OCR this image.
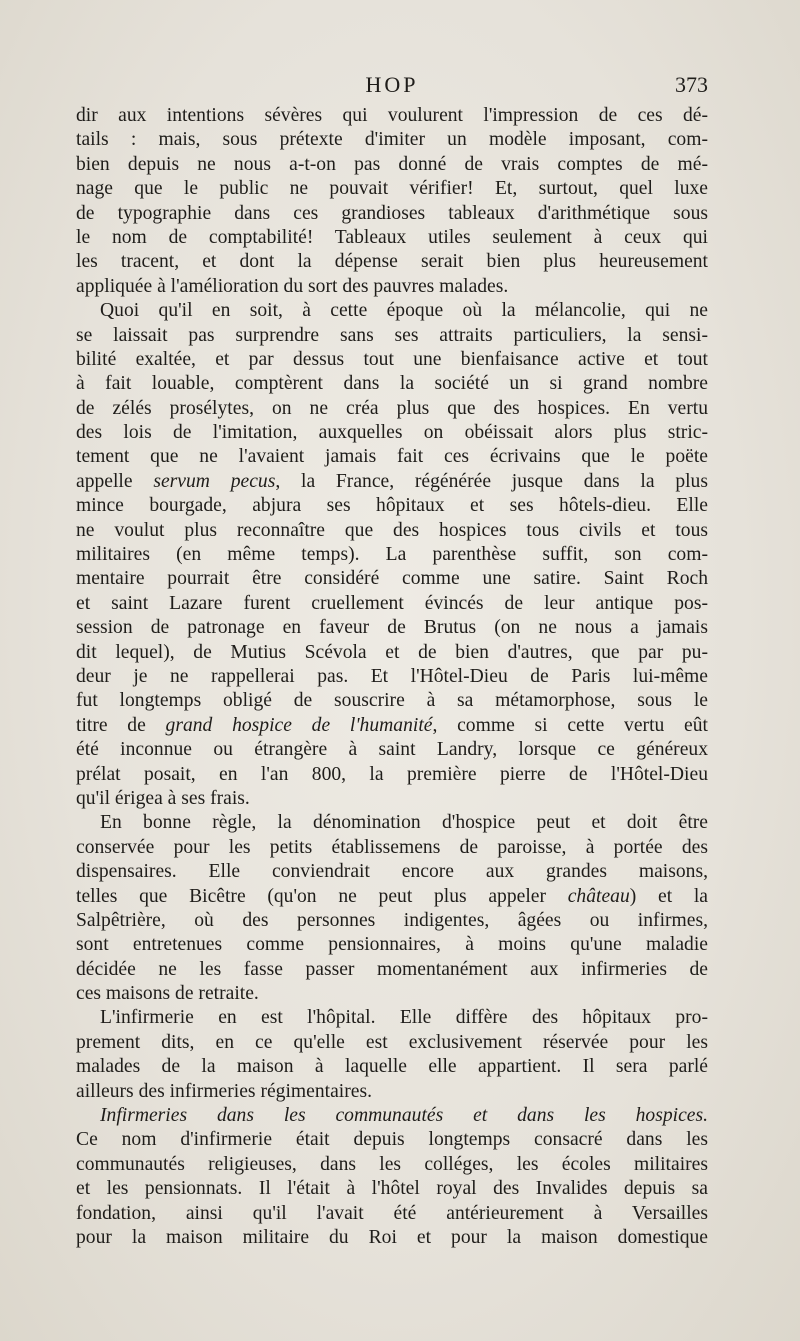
HOP	373
dir aux intentions sévères qui voulurent l'impression de ces dé-
tails : mais, sous prétexte d'imiter un modèle imposant, com-
bien depuis ne nous a-t-on pas donné de vrais comptes de mé-
nage que le public ne pouvait vérifier! Et, surtout, quel luxe
de typographie dans ces grandioses tableaux d'arithmétique sous
le nom de comptabilité! Tableaux utiles seulement à ceux qui
les tracent, et dont la dépense serait bien plus heureusement
appliquée à l'amélioration du sort des pauvres malades.
Quoi qu'il en soit, à cette époque où la mélancolie, qui ne
se laissait pas surprendre sans ses attraits particuliers, la sensi-
bilité exaltée, et par dessus tout une bienfaisance active et tout
à fait louable, comptèrent dans la société un si grand nombre
de zélés prosélytes, on ne créa plus que des hospices. En vertu
des lois de l'imitation, auxquelles on obéissait alors plus stric-
tement que ne l'avaient jamais fait ces écrivains que le poëte
appelle servum pecus, la France, régénérée jusque dans la plus
mince bourgade, abjura ses hôpitaux et ses hôtels-dieu. Elle
ne voulut plus reconnaître que des hospices tous civils et tous
militaires (en même temps). La parenthèse suffit, son com-
mentaire pourrait être considéré comme une satire. Saint Roch
et saint Lazare furent cruellement évincés de leur antique pos-
session de patronage en faveur de Brutus (on ne nous a jamais
dit lequel), de Mutius Scévola et de bien d'autres, que par pu-
deur je ne rappellerai pas. Et l'Hôtel-Dieu de Paris lui-même
fut longtemps obligé de souscrire à sa métamorphose, sous le
titre de grand hospice de l'humanité, comme si cette vertu eût
été inconnue ou étrangère à saint Landry, lorsque ce généreux
prélat posait, en l'an 800, la première pierre de l'Hôtel-Dieu
qu'il érigea à ses frais.
En bonne règle, la dénomination d'hospice peut et doit être
conservée pour les petits établissemens de paroisse, à portée des
dispensaires. Elle conviendrait encore aux grandes maisons,
telles que Bicêtre (qu'on ne peut plus appeler château) et la
Salpêtrière, où des personnes indigentes, âgées ou infirmes,
sont entretenues comme pensionnaires, à moins qu'une maladie
décidée ne les fasse passer momentanément aux infirmeries de
ces maisons de retraite.
L'infirmerie en est l'hôpital. Elle diffère des hôpitaux pro-
prement dits, en ce qu'elle est exclusivement réservée pour les
malades de la maison à laquelle elle appartient. Il sera parlé
ailleurs des infirmeries régimentaires.
Infirmeries dans les communautés et dans les hospices.
Ce nom d'infirmerie était depuis longtemps consacré dans les
communautés religieuses, dans les colléges, les écoles militaires
et les pensionnats. Il l'était à l'hôtel royal des Invalides depuis sa
fondation, ainsi qu'il l'avait été antérieurement à Versailles
pour la maison militaire du Roi et pour la maison domestique
